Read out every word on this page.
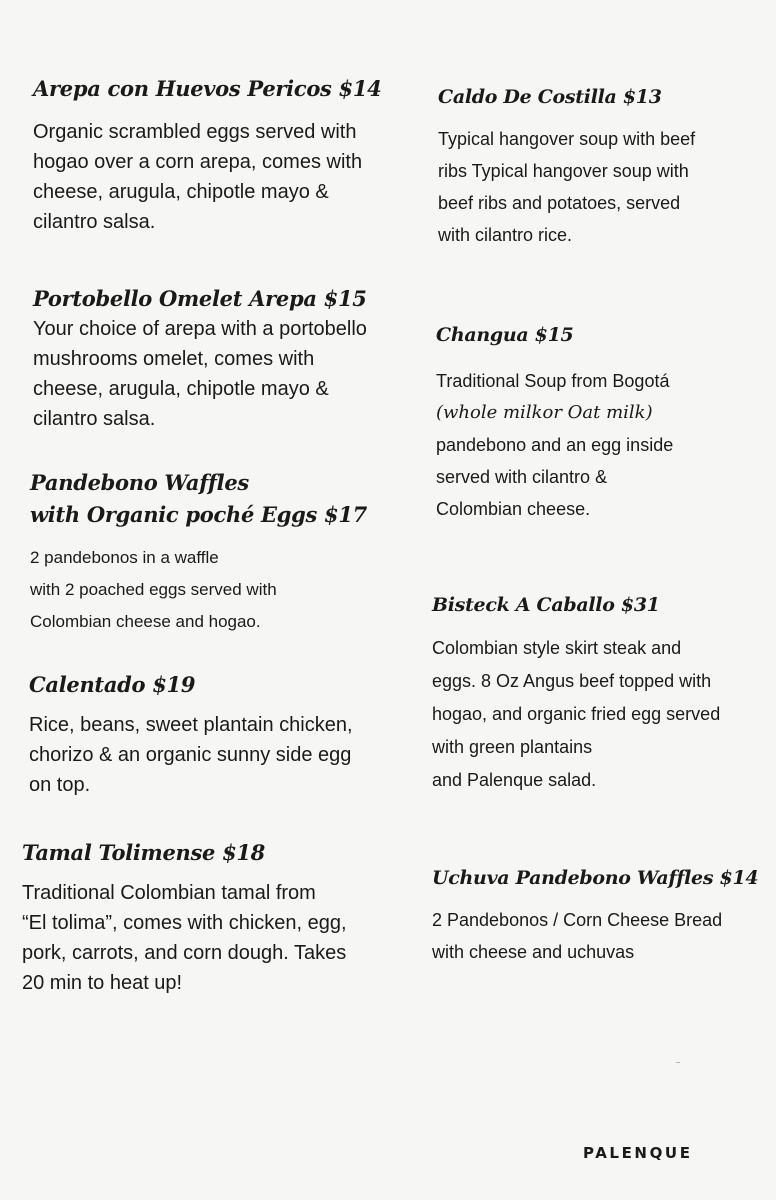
Arepa con Huevos Pericos $14

Organic scrambled eggs served with
hogao over a corn arepa, comes with
cheese, arugula, chipotle mayo &
cilantro salsa.

Portobello Omelet Arepa $15

Your choice of arepa with a portobello
mushrooms omelet, comes with
cheese, arugula, chipotle mayo &
cilantro salsa.

Pandebono Waffles
with Organic poché Eggs $17

2 pandebonos in a waffle
with 2 poached eggs served with
Colombian cheese and hogao.

Calentado $19

Rice, beans, sweet plantain chicken,
chorizo & an organic sunny side egg
on top.

Tamal Tolimense $18

Traditional Colombian tamal from
“El tolima”, comes with chicken, egg,
pork, carrots, and corn dough. Takes
20 min to heat up!

Caldo De Costilla $13

Typical hangover soup with beef
ribs Typical hangover soup with
beef ribs and potatoes, served
with cilantro rice.

Changua $15

Traditional Soup from Bogotá
(whole milkor Oat milk)
pandebono and an egg inside
served with cilantro &
Colombian cheese.

Bisteck A Caballo $31

Colombian style skirt steak and
eggs. 8 Oz Angus beef topped with
hogao, and organic fried egg served
with green plantains
and Palenque salad.

Uchuva Pandebono Waffles $14

2 Pandebonos / Corn Cheese Bread
with cheese and uchuvas

PALENQUE
